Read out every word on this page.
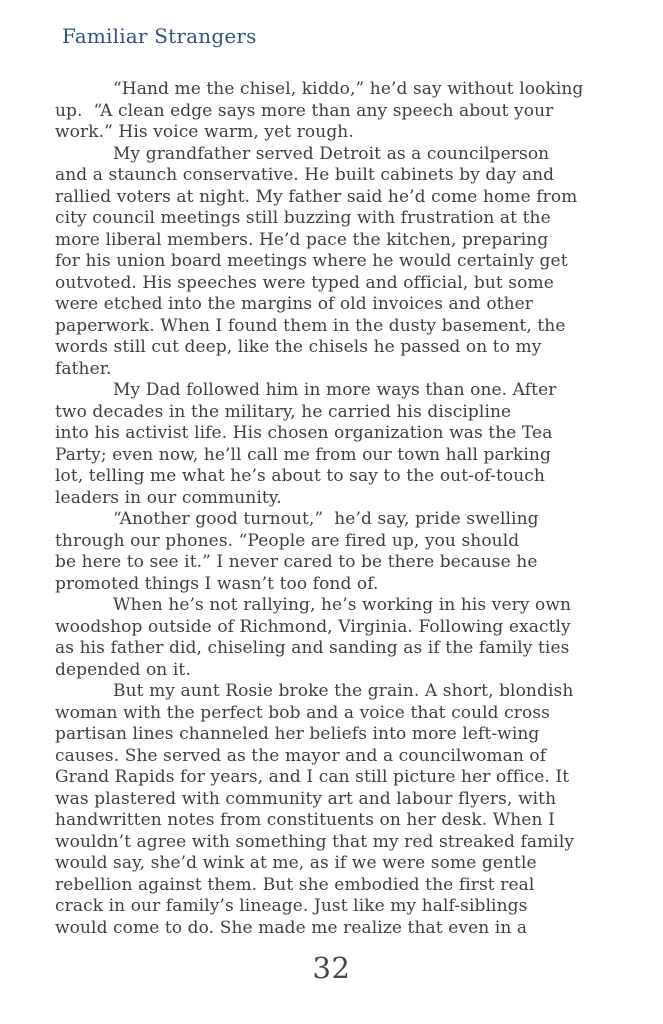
Familiar Strangers
“Hand me the chisel, kiddo,” he’d say without looking
up.  “A clean edge says more than any speech about your
work.” His voice warm, yet rough.
My grandfather served Detroit as a councilperson
and a staunch conservative. He built cabinets by day and
rallied voters at night. My father said he’d come home from
city council meetings still buzzing with frustration at the
more liberal members. He’d pace the kitchen, preparing
for his union board meetings where he would certainly get
outvoted. His speeches were typed and official, but some
were etched into the margins of old invoices and other
paperwork. When I found them in the dusty basement, the
words still cut deep, like the chisels he passed on to my
father.
My Dad followed him in more ways than one. After
two decades in the military, he carried his discipline
into his activist life. His chosen organization was the Tea
Party; even now, he’ll call me from our town hall parking
lot, telling me what he’s about to say to the out-of-touch
leaders in our community.
“Another good turnout,”  he’d say, pride swelling
through our phones. “People are fired up, you should
be here to see it.” I never cared to be there because he
promoted things I wasn’t too fond of.
When he’s not rallying, he’s working in his very own
woodshop outside of Richmond, Virginia. Following exactly
as his father did, chiseling and sanding as if the family ties
depended on it.
But my aunt Rosie broke the grain. A short, blondish
woman with the perfect bob and a voice that could cross
partisan lines channeled her beliefs into more left-wing
causes. She served as the mayor and a councilwoman of
Grand Rapids for years, and I can still picture her office. It
was plastered with community art and labour flyers, with
handwritten notes from constituents on her desk. When I
wouldn’t agree with something that my red streaked family
would say, she’d wink at me, as if we were some gentle
rebellion against them. But she embodied the first real
crack in our family’s lineage. Just like my half-siblings
would come to do. She made me realize that even in a
32
